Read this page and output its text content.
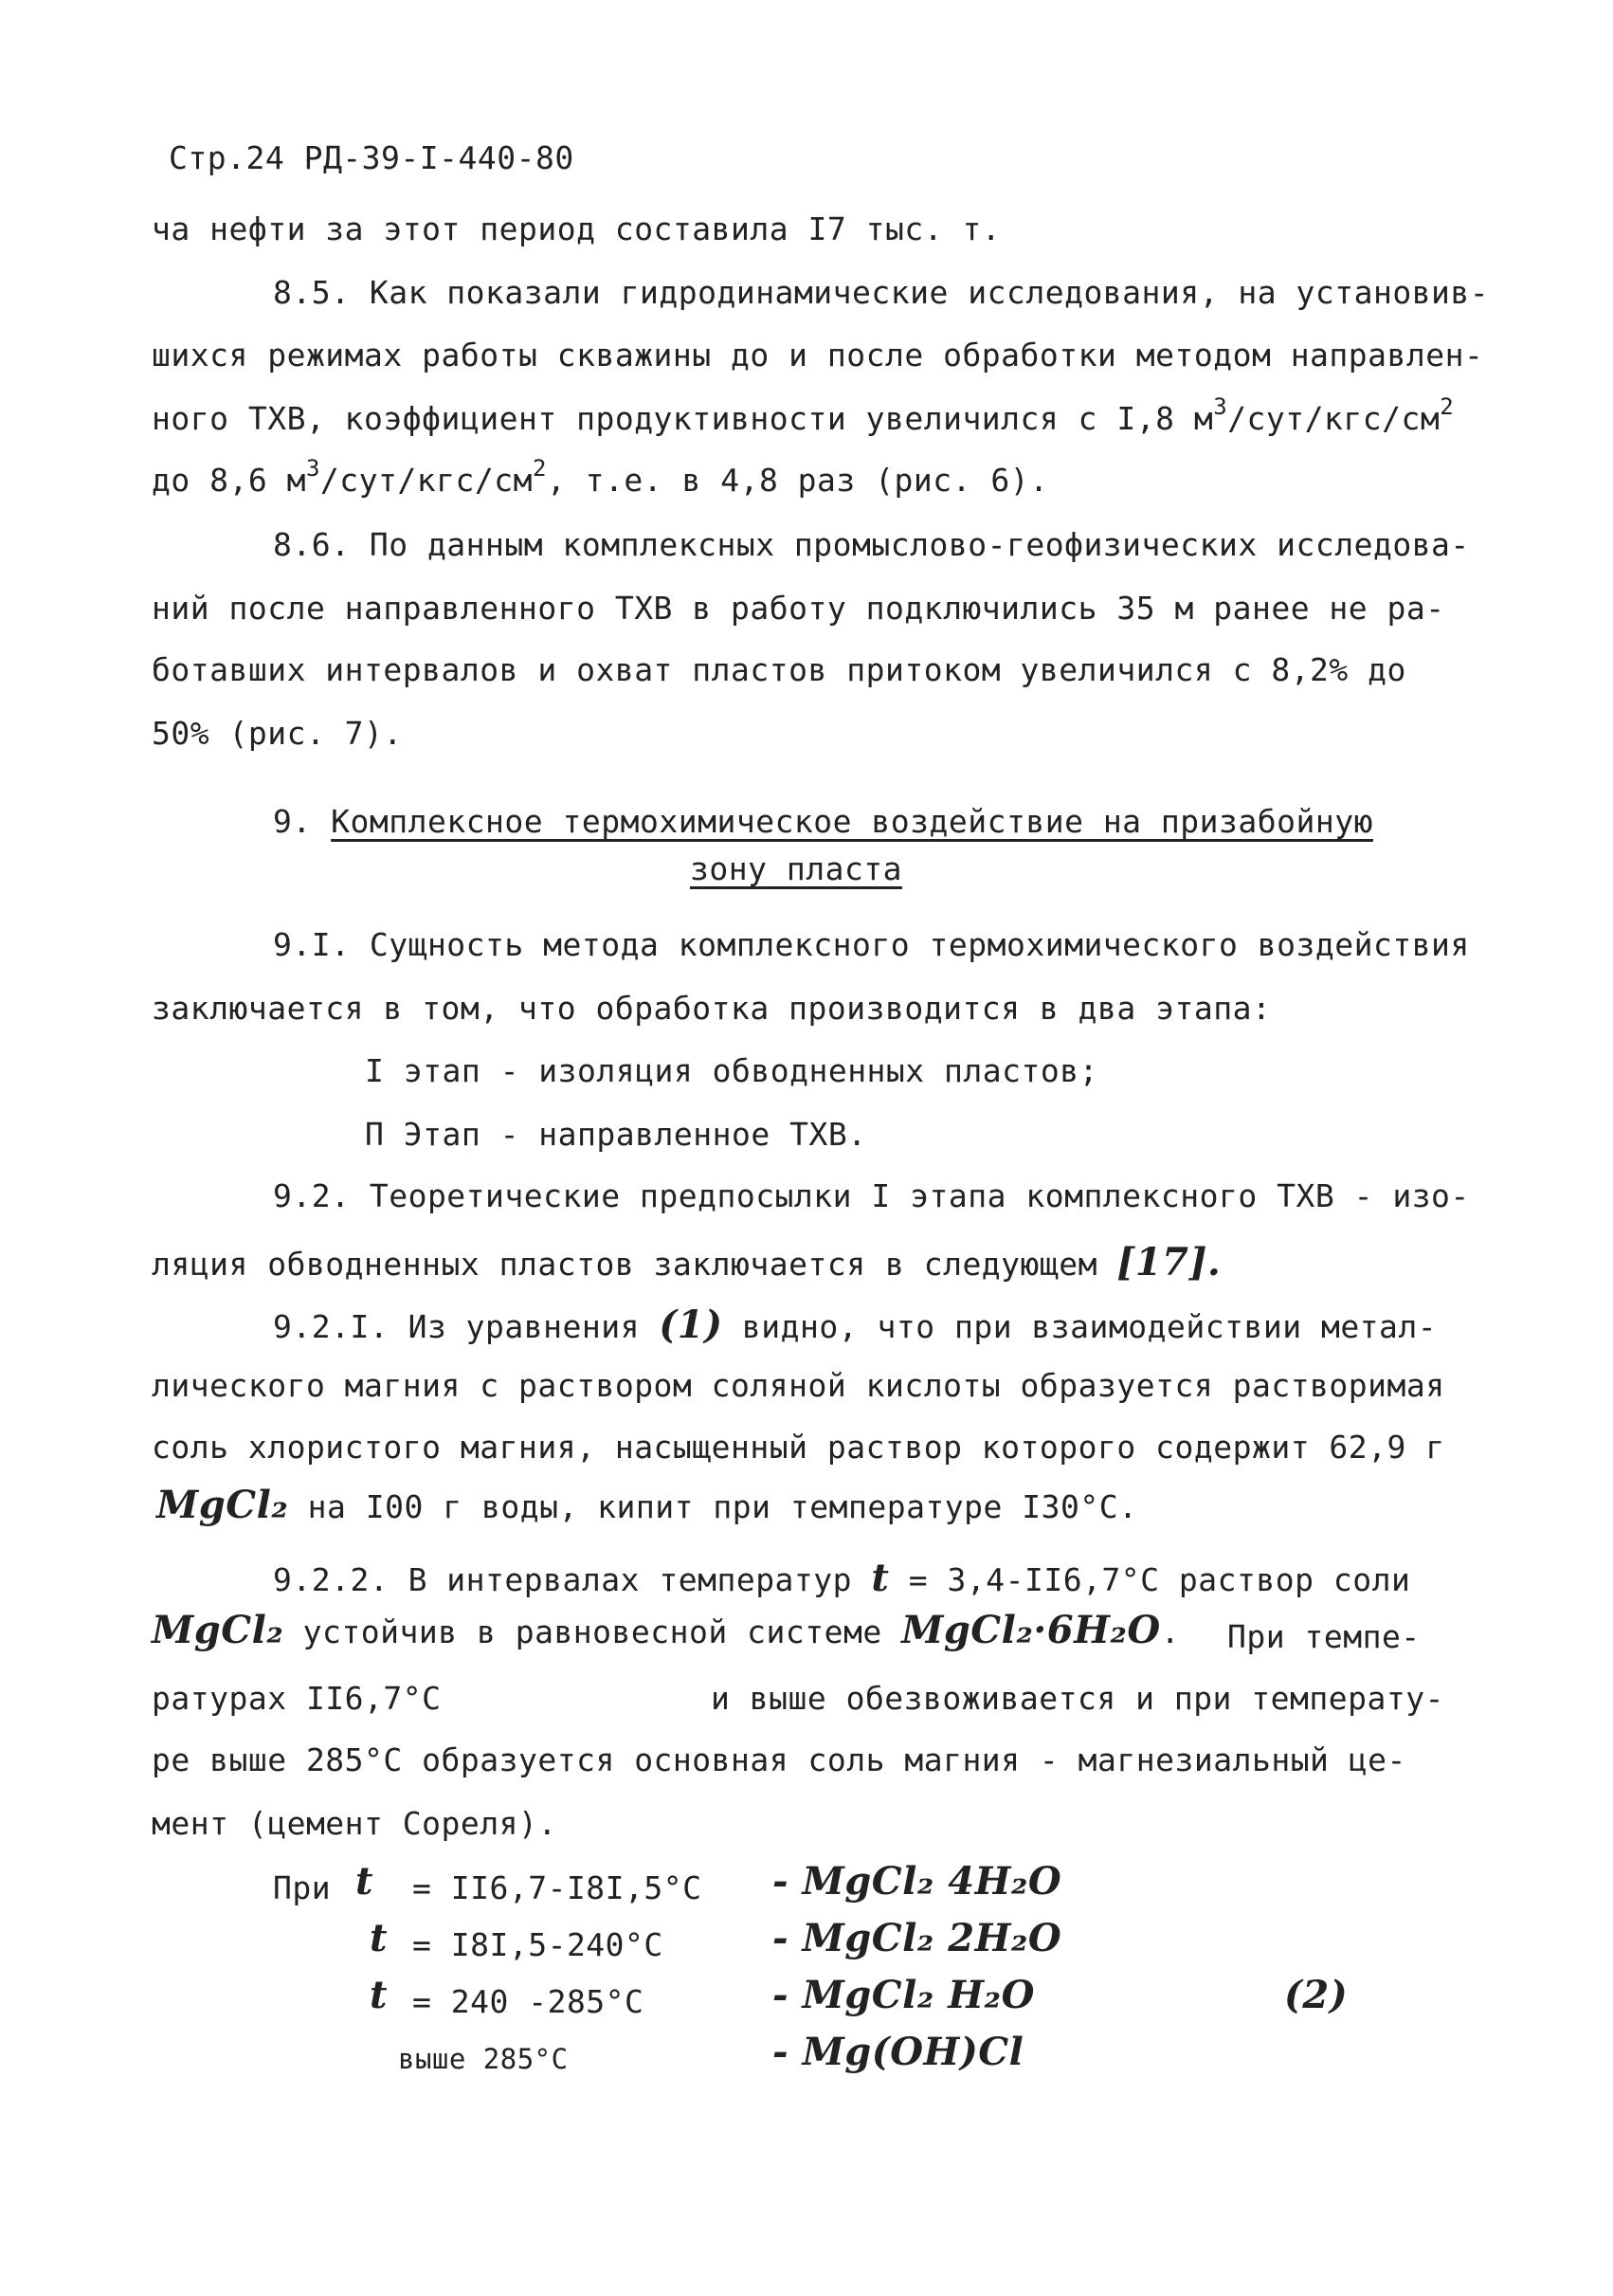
Стр.24 РД-39-I-440-80
ча нефти за этот период составила I7 тыс. т.
8.5. Как показали гидродинамические исследования, на установив-
шихся режимах работы скважины до и после обработки методом направлен-
ного ТХВ, коэффициент продуктивности увеличился с I,8 $м^3/сут/кгс/см^2$
до 8,6 $м^3/сут/кгс/см^2$, т.е. в 4,8 раз (рис. 6).
8.6. По данным комплексных промыслово-геофизических исследова-
ний после направленного ТХВ в работу подключились 35 м ранее не ра-
ботавших интервалов и охват пластов притоком увеличился с 8,2% до
50% (рис. 7).
9. Комплексное термохимическое воздействие на призабойную
зону пласта
9.I. Сущность метода комплексного термохимического воздействия
заключается в том, что обработка производится в два этапа:
I этап - изоляция обводненных пластов;
П Этап - направленное ТХВ.
9.2. Теоретические предпосылки I этапа комплексного ТХВ - изо-
ляция обводненных пластов заключается в следующем [17].
9.2.I. Из уравнения (1) видно, что при взаимодействии метал-
лического магния с раствором соляной кислоты образуется растворимая
соль хлористого магния, насыщенный раствор которого содержит 62,9 г
MgCl₂ на I00 г воды, кипит при температуре I30°С.
9.2.2. В интервалах температур t = 3,4-II6,7°С раствор соли
MgCl₂ устойчив в равновесной системе MgCl₂·6H₂O. При темпе-
ратурах II6,7°С	и выше обезвоживается и при температу-
ре выше 285°С образуется основная соль магния - магнезиальный це-
мент (цемент Сореля).
При t = II6,7-I8I,5°С - MgCl₂ 4H₂O
t = I8I,5-240°С	- MgCl₂ 2H₂O
t = 240 -285°С	- MgCl₂ H₂O	(2)
выше 285°С	- Mg(OH)Cl
